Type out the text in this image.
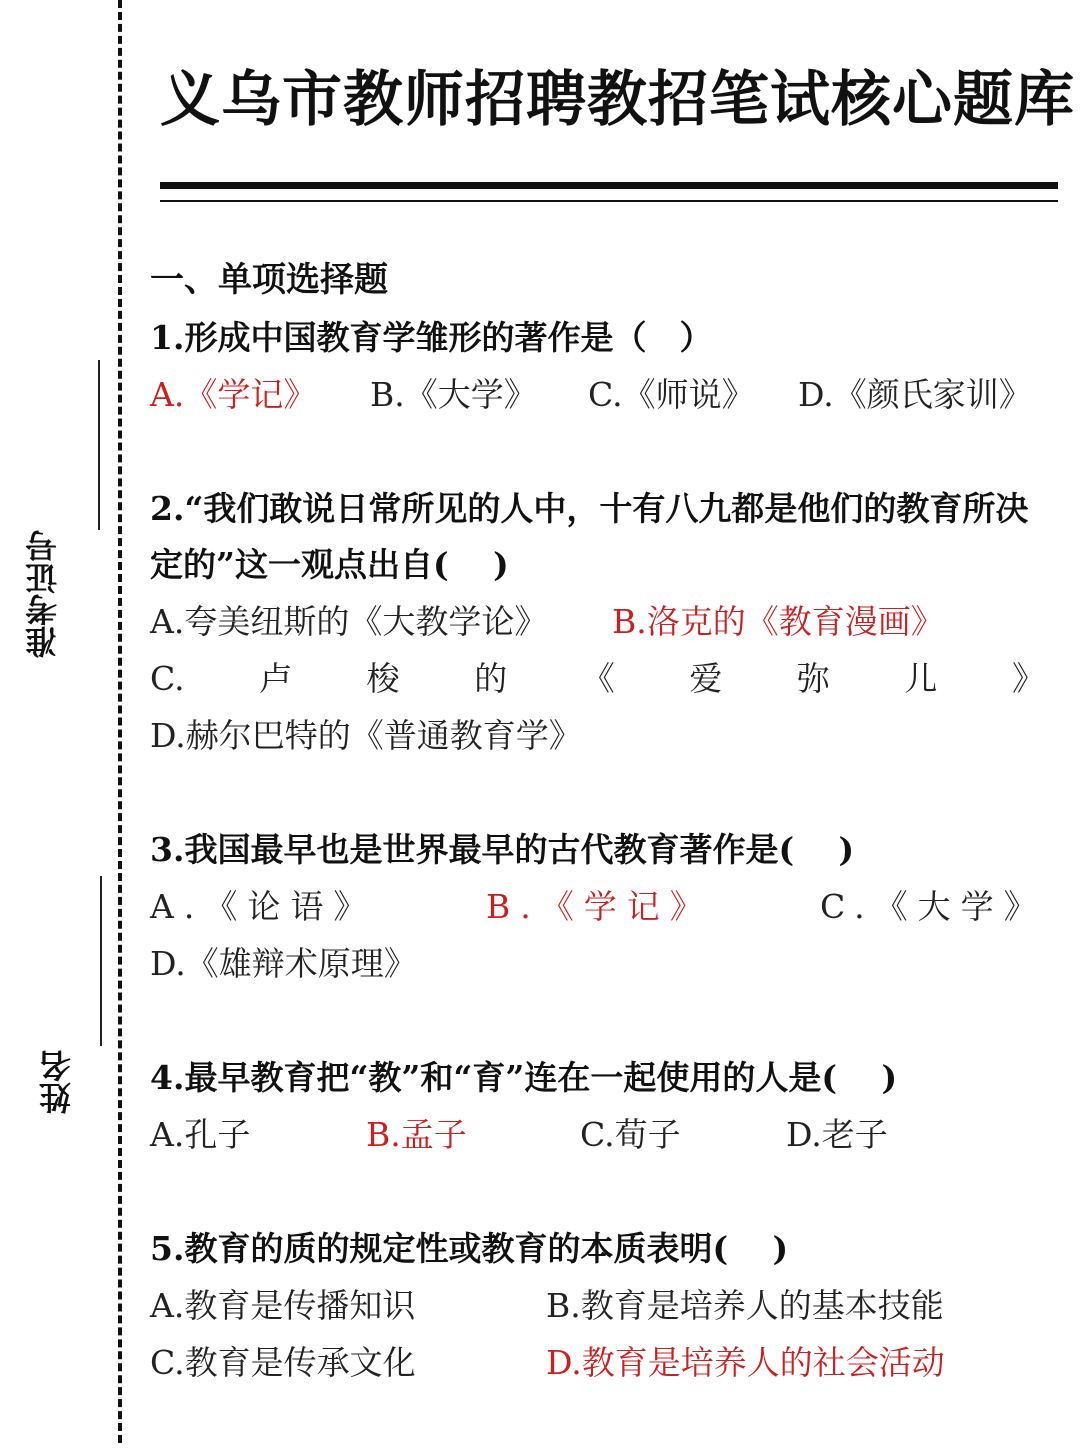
准考证号
姓名
义乌市教师招聘教招笔试核心题库
一、单项选择题
1.形成中国教育学雏形的著作是（　）
A.《学记》	B.《大学》	C.《师说》	D.《颜氏家训》
2.“我们敢说日常所见的人中，十有八九都是他们的教育所决定的”这一观点出自(　 )
A.夸美纽斯的《大教学论》	B.洛克的《教育漫画》
C. 卢 梭 的 《 爱 弥 儿 》
D.赫尔巴特的《普通教育学》
3.我国最早也是世界最早的古代教育著作是(　 )
A.《论语》	B.《学记》	C.《大学》
D.《雄辩术原理》
4.最早教育把“教”和“育”连在一起使用的人是(　 )
A.孔子	B.孟子	C.荀子	D.老子
5.教育的质的规定性或教育的本质表明(　 )
A.教育是传播知识	B.教育是培养人的基本技能
C.教育是传承文化	D.教育是培养人的社会活动
